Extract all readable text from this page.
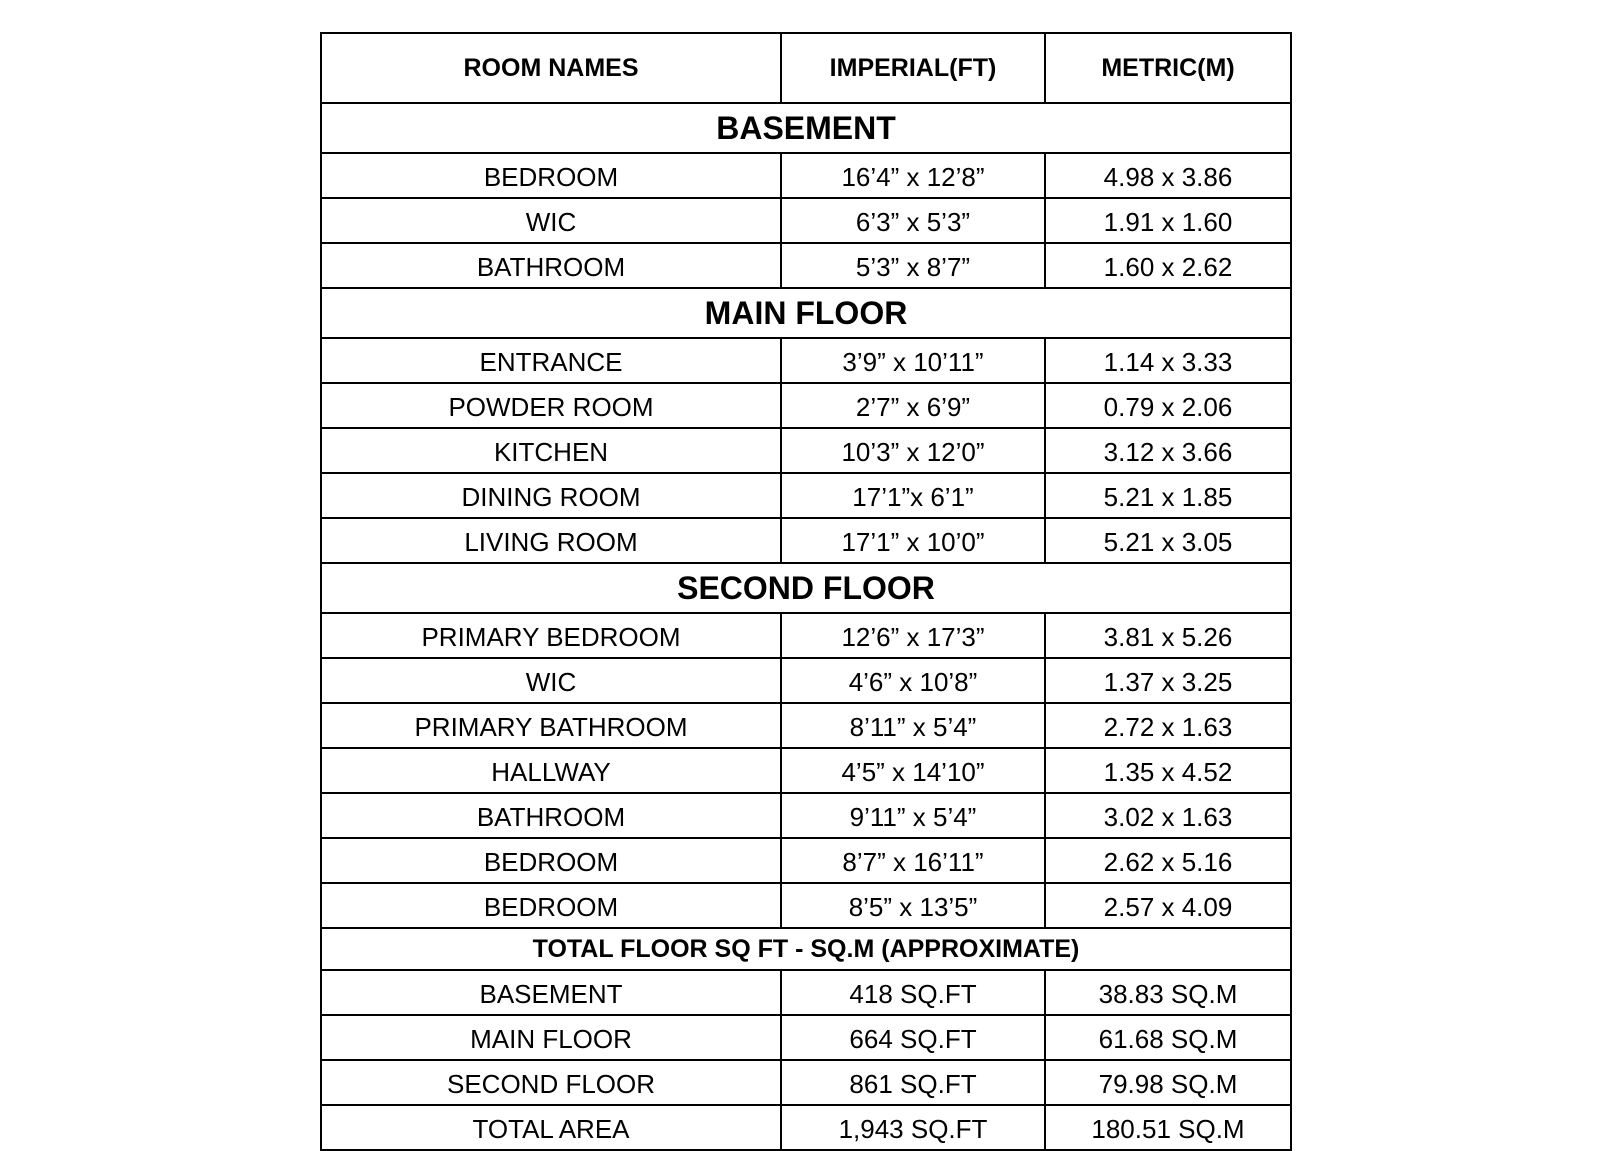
ROOM NAMES	IMPERIAL(FT)	METRIC(M)
BASEMENT		
BEDROOM	16’4” x 12’8”	4.98 x 3.86
WIC	6’3” x 5’3”	1.91 x 1.60
BATHROOM	5’3” x 8’7”	1.60 x 2.62
MAIN FLOOR		
ENTRANCE	3’9” x 10’11”	1.14 x 3.33
POWDER ROOM	2’7” x 6’9”	0.79 x 2.06
KITCHEN	10’3” x 12’0”	3.12 x 3.66
DINING ROOM	17’1”x 6’1”	5.21 x 1.85
LIVING ROOM	17’1” x 10’0”	5.21 x 3.05
SECOND FLOOR		
PRIMARY BEDROOM	12’6” x 17’3”	3.81 x 5.26
WIC	4’6” x 10’8”	1.37 x 3.25
PRIMARY BATHROOM	8’11” x 5’4”	2.72 x 1.63
HALLWAY	4’5” x 14’10”	1.35 x 4.52
BATHROOM	9’11” x 5’4”	3.02 x 1.63
BEDROOM	8’7” x 16’11”	2.62 x 5.16
BEDROOM	8’5” x 13’5”	2.57 x 4.09
TOTAL FLOOR SQ FT - SQ.M (APPROXIMATE)		
BASEMENT	418 SQ.FT	38.83 SQ.M
MAIN FLOOR	664 SQ.FT	61.68 SQ.M
SECOND FLOOR	861 SQ.FT	79.98 SQ.M
TOTAL AREA	1,943 SQ.FT	180.51 SQ.M
